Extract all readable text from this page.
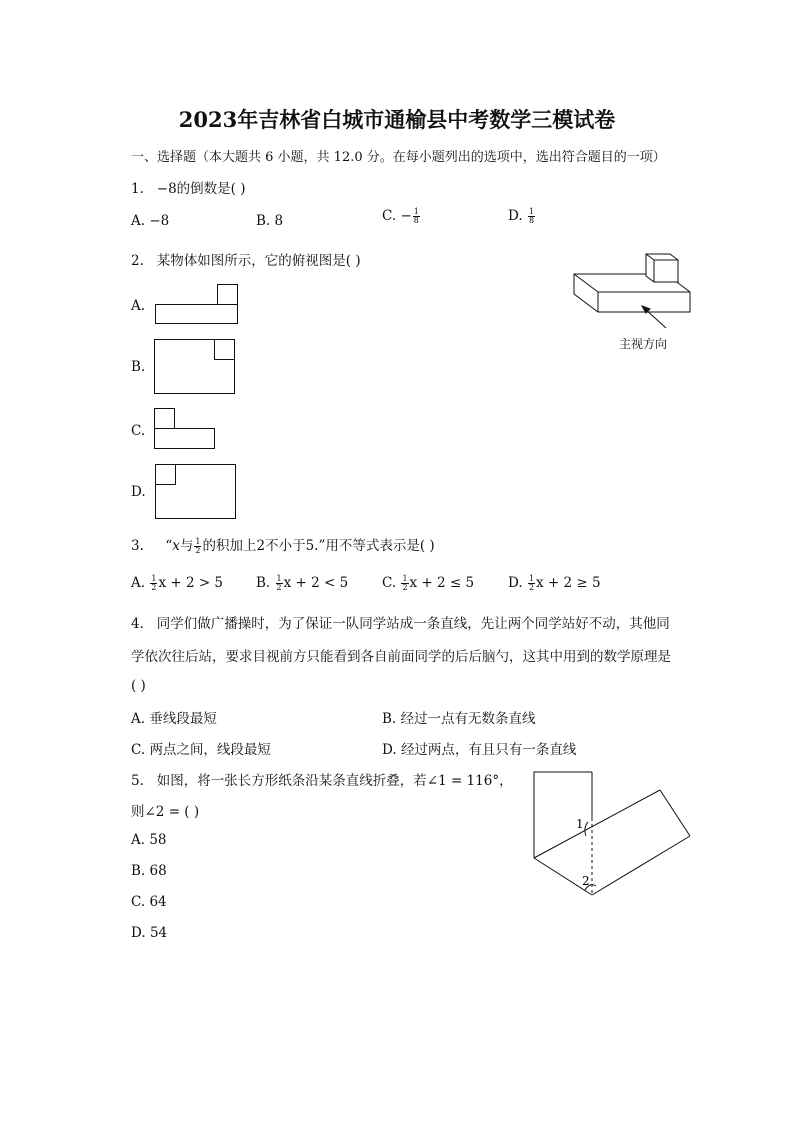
2023年吉林省白城市通榆县中考数学三模试卷
一、选择题（本大题共 6 小题，共 12.0 分。在每小题列出的选项中，选出符合题目的一项）
1. −8的倒数是( )
A. −8	B. 8	C. − $\frac{1}{8}$	D. $\frac{1}{8}$
2. 某物体如图所示，它的俯视图是( )
主视方向
A.
B.
C.
D.
3. “x与 $\frac{1}{2}$ 的积加上2不小于5.”用不等式表示是( )
A. $\frac{1}{2}$ x + 2 > 5 B. $\frac{1}{2}$ x + 2 < 5	C. $\frac{1}{2}$ x + 2 ≤ 5	D. $\frac{1}{2}$ x + 2 ≥ 5
4. 同学们做广播操时，为了保证一队同学站成一条直线，先让两个同学站好不动，其他同
学依次往后站，要求目视前方只能看到各自前面同学的后后脑勺，这其中用到的数学原理是
( )
A. 垂线段最短	B. 经过一点有无数条直线
C. 两点之间，线段最短	D. 经过两点，有且只有一条直线
5. 如图，将一张长方形纸条沿某条直线折叠，若∠1 = 116°，
则∠2 = ( )
A. 58
B. 68
C. 64
D. 54
1
2
